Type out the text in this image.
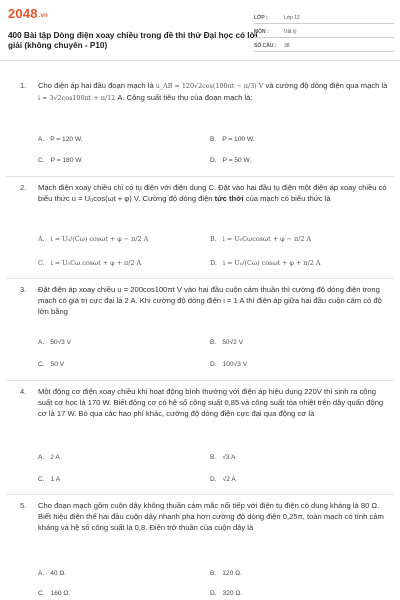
2048.vn
400 Bài tập Dòng điện xoay chiều trong đề thi thử Đại học có lời giải (không chuyên - P10)
LỚP :	Lớp 12
MÔN :	Vật lý
SỐ CÂU : 38
1. Cho điện áp hai đầu đoạn mạch là u_AB = 120√2cos(100πt − π/3) V và cường độ dòng điện qua mạch là i = 3√2cos100πt + π/12 A. Công suất tiêu thụ của đoạn mạch là:
A. P = 120 W.	B. P = 100 W.
C. P = 180 W.	D. P = 50 W.
2. Mạch điện xoay chiều chỉ có tụ điện với điện dung C. Đặt vào hai đầu tụ điện một điện áp xoay chiều có biểu thức u = U₀cos(ωt + φ) V. Cường độ dòng điện tức thời của mạch có biểu thức là
A. i = U₀/(Cω) cosωt + φ − π/2 A	B. i = U₀Cωcosωt + φ − π/2 A
C. i = U₀Cω.cosωt + φ + π/2 A	D. i = U₀/(Cω) cosωt + φ + π/2 A
3. Đặt điện áp xoay chiều u = 200cos100πt V vào hai đầu cuộn cảm thuần thì cường độ dòng điện trong mạch có giá trị cực đại là 2 A. Khi cường độ dòng điện i = 1 A thì điện áp giữa hai đầu cuộn cảm có độ lớn bằng
A. 50√3 V	B. 50√2 V
C. 50 V	D. 100√3 V
4. Một động cơ điện xoay chiều khi hoạt động bình thường với điện áp hiệu dụng 220V thì sinh ra công suất cơ học là 170 W. Biết động cơ có hệ số công suất 0,85 và công suất tỏa nhiệt trên dây quấn động cơ là 17 W. Bỏ qua các hao phí khác, cường độ dòng điện cực đại qua động cơ là
A. 2 A	B. √3 A
C. 1 A	D. √2 A
5. Cho đoạn mạch gồm cuộn dây không thuần cảm mắc nối tiếp với điện tụ điện có dung kháng là 80 Ω. Biết hiệu điện thế hai đầu cuộn dây nhanh pha hơn cường độ dòng điện 0,25π, toàn mạch có tính cảm kháng và hệ số công suất là 0,8. Điện trở thuần của cuộn dây là
A. 40 Ω.	B. 120 Ω.
C. 160 Ω.	D. 320 Ω.
